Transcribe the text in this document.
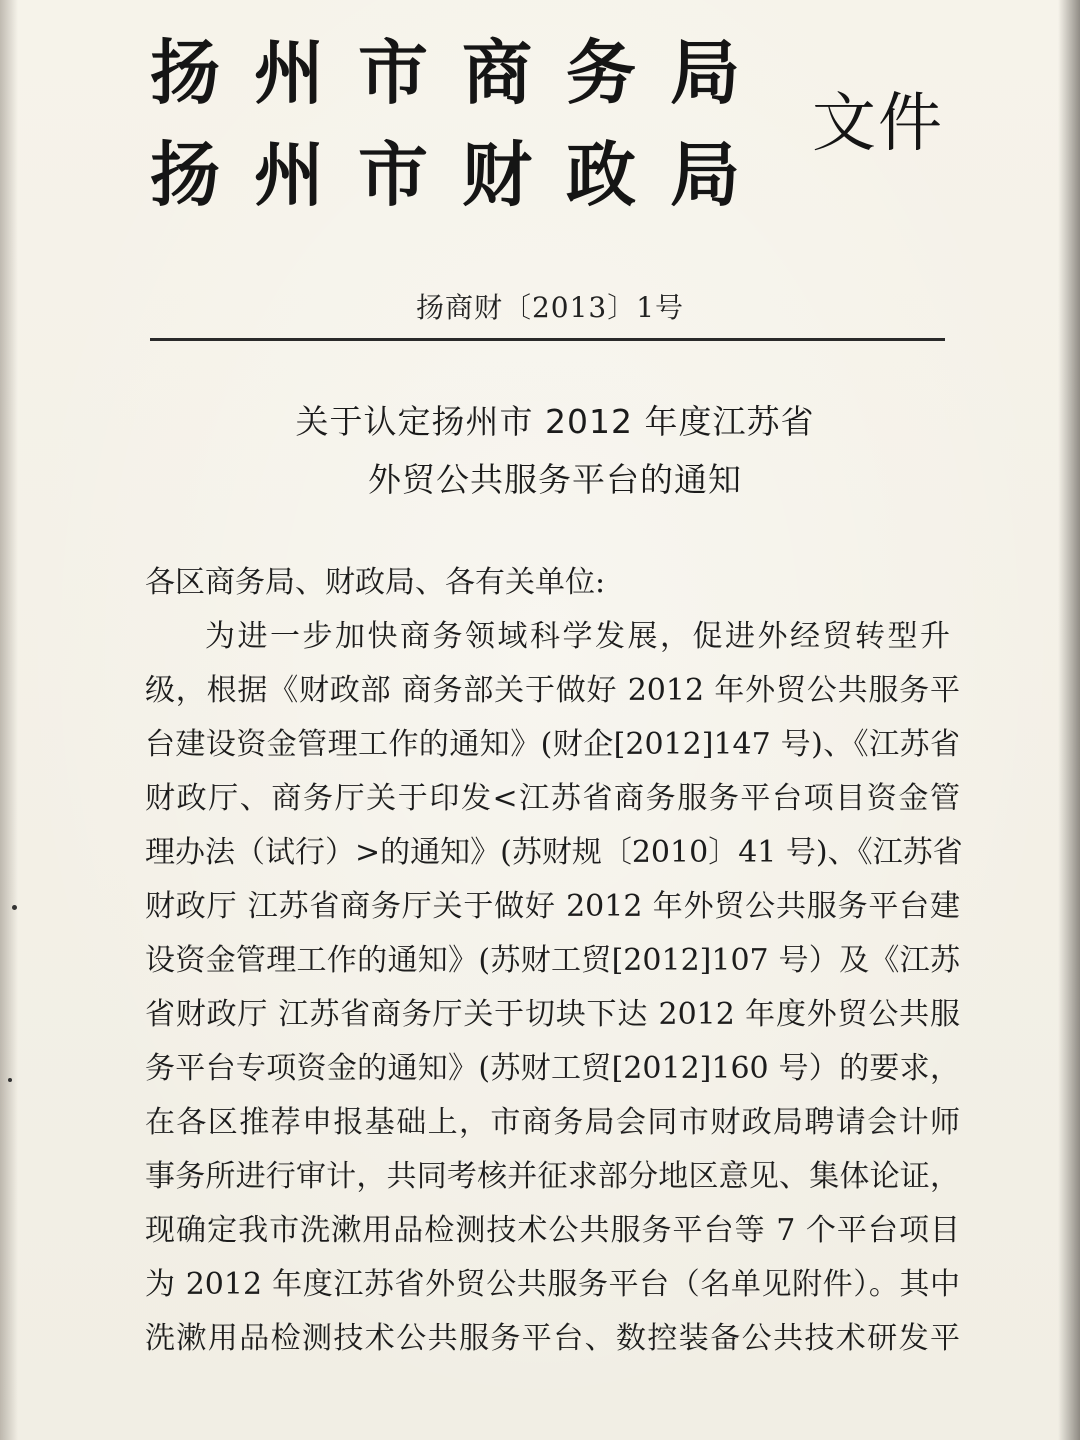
扬州市商务局
扬州市财政局
文件
扬商财〔2013〕1号
关于认定扬州市 2012 年度江苏省
外贸公共服务平台的通知
各区商务局、财政局、各有关单位:
为进一步加快商务领域科学发展，促进外经贸转型升
级，根据《财政部 商务部关于做好 2012 年外贸公共服务平
台建设资金管理工作的通知》(财企[2012]147 号)、《江苏省
财政厅、商务厅关于印发<江苏省商务服务平台项目资金管
理办法（试行）>的通知》(苏财规〔2010〕41 号)、《江苏省
财政厅 江苏省商务厅关于做好 2012 年外贸公共服务平台建
设资金管理工作的通知》(苏财工贸[2012]107 号）及《江苏
省财政厅 江苏省商务厅关于切块下达 2012 年度外贸公共服
务平台专项资金的通知》(苏财工贸[2012]160 号）的要求，
在各区推荐申报基础上，市商务局会同市财政局聘请会计师
事务所进行审计，共同考核并征求部分地区意见、集体论证，
现确定我市洗漱用品检测技术公共服务平台等 7 个平台项目
为 2012 年度江苏省外贸公共服务平台（名单见附件）。其中
洗漱用品检测技术公共服务平台、数控装备公共技术研发平
